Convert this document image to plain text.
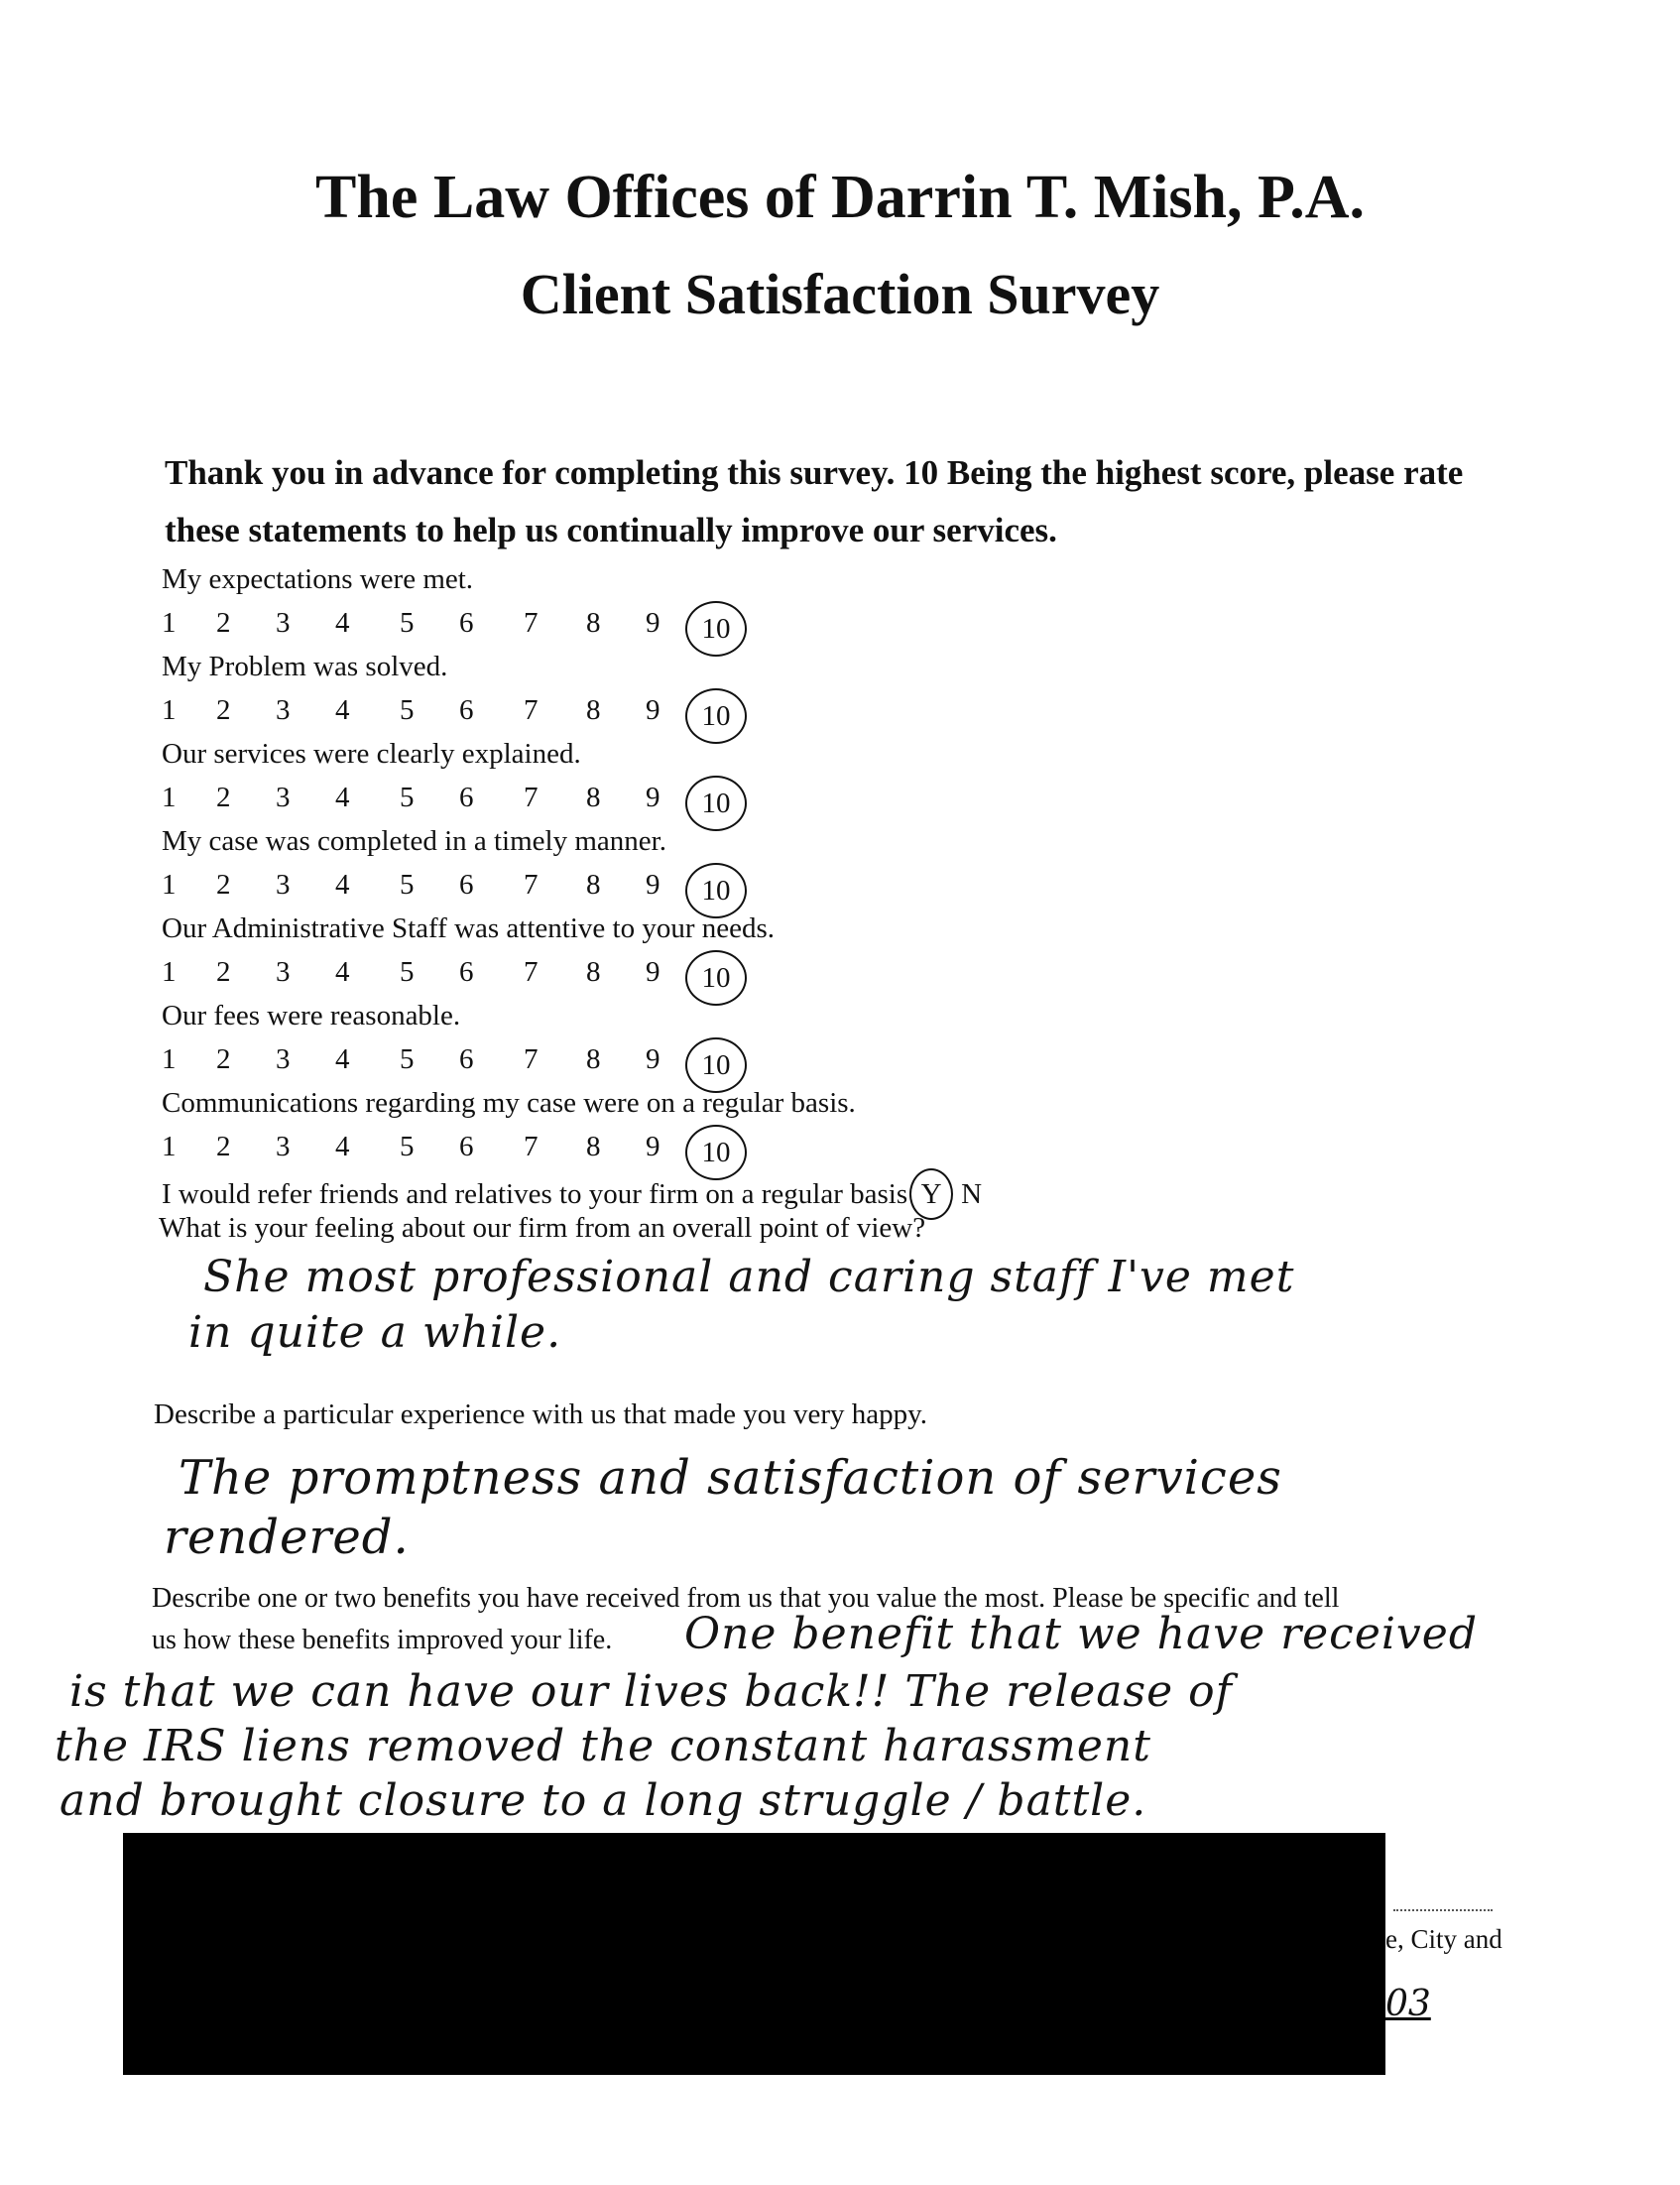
The Law Offices of Darrin T. Mish, P.A.

Client Satisfaction Survey

Thank you in advance for completing this survey. 10 Being the highest score, please rate these statements to help us continually improve our services.
My expectations were met.
1 2 3 4 5 6 7 8 9	10
My Problem was solved.
1 2 3 4 5 6 7 8 9	10
Our services were clearly explained.
1 2 3 4 5 6 7 8 9	10
My case was completed in a timely manner.
1 2 3 4 5 6 7 8 9	10
Our Administrative Staff was attentive to your needs.
1 2 3 4 5 6 7 8 9	10
Our fees were reasonable.
1 2 3 4 5 6 7 8 9	10
Communications regarding my case were on a regular basis.
1 2 3 4 5 6 7 8 9	10
I would refer friends and relatives to your firm on a regular basis Y N
What is your feeling about our firm from an overall point of view?
She most professional and caring staff I've met
in quite a while.
Describe a particular experience with us that made you very happy.
The promptness and satisfaction of services
rendered.
Describe one or two benefits you have received from us that you value the most. Please be specific and tell
us how these benefits improved your life. One benefit that we have received
is that we can have our lives back!! The release of
the IRS liens removed the constant harassment
and brought closure to a long struggle / battle.
e, City and
03
